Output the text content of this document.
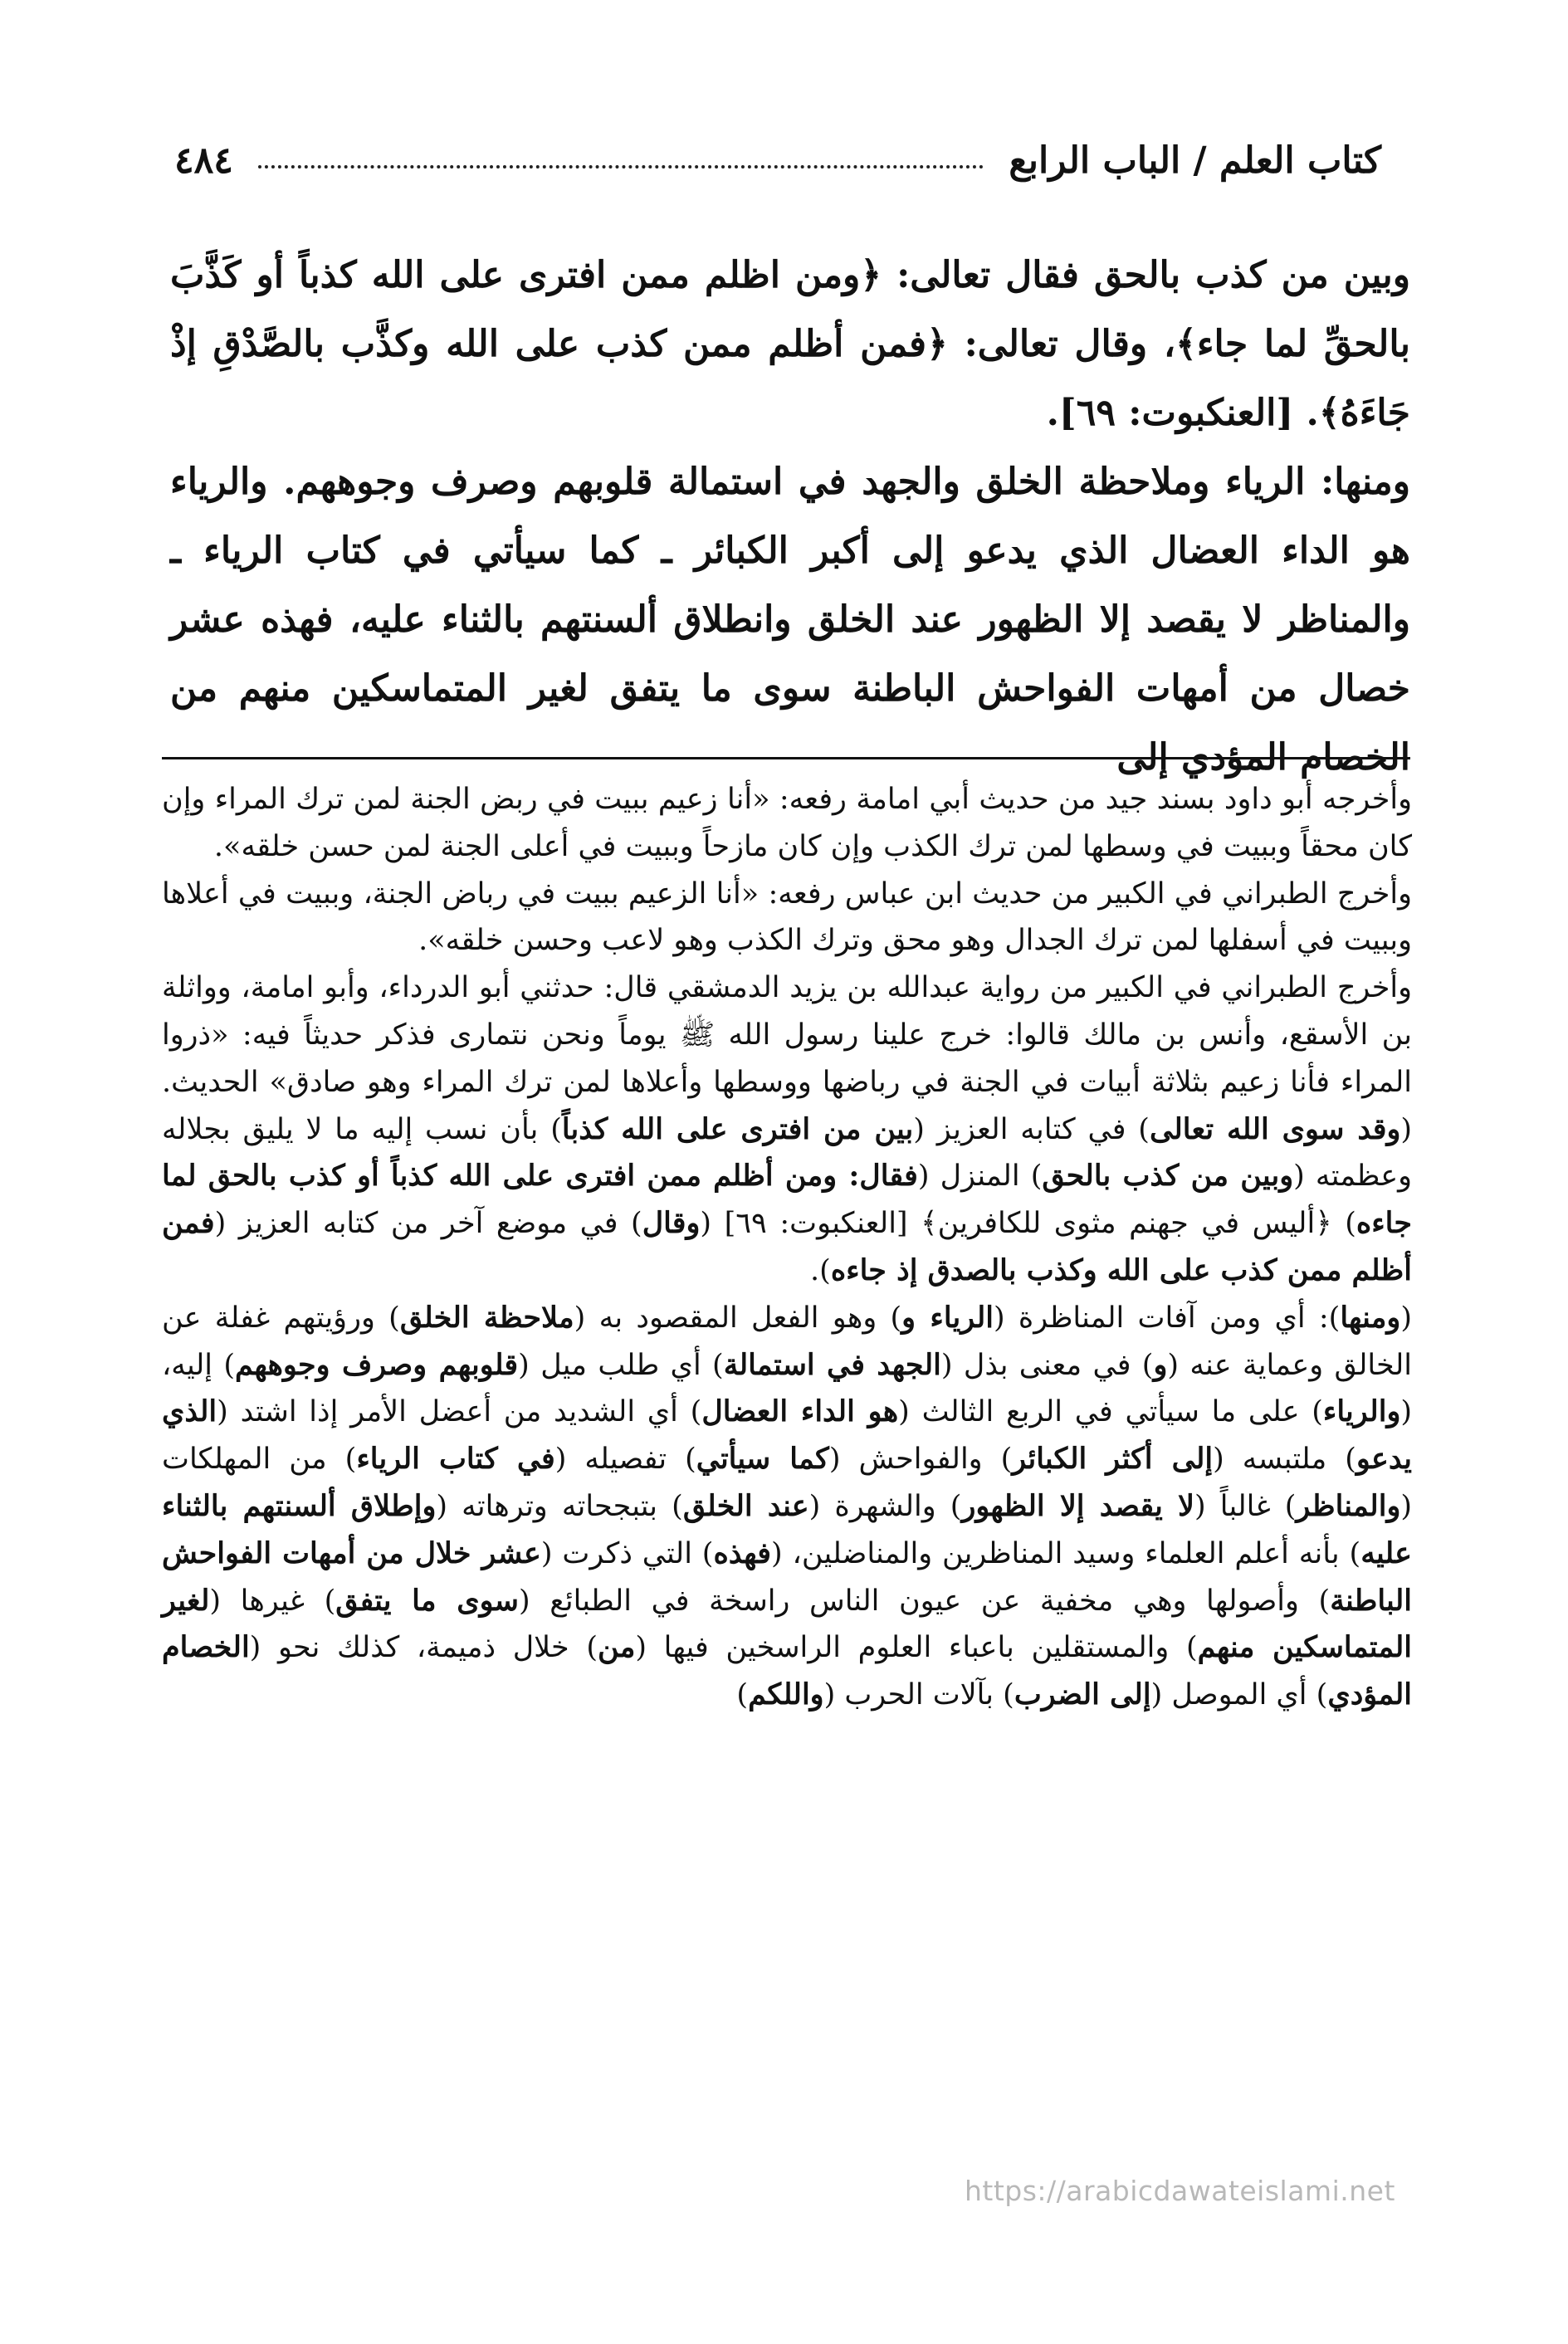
كتاب العلم / الباب الرابع
٤٨٤

وبين من كذب بالحق فقال تعالى: ﴿ومن اظلم ممن افترى على الله كذباً أو كَذَّبَ بالحقِّ لما جاء﴾، وقال تعالى: ﴿فمن أظلم ممن كذب على الله وكذَّب بالصَّدْقِ إذْ جَاءَهُ﴾. [العنكبوت: ٦٩].

ومنها: الرياء وملاحظة الخلق والجهد في استمالة قلوبهم وصرف وجوههم. والرياء هو الداء العضال الذي يدعو إلى أكبر الكبائر ـ كما سيأتي في كتاب الرياء ـ والمناظر لا يقصد إلا الظهور عند الخلق وانطلاق ألسنتهم بالثناء عليه، فهذه عشر خصال من أمهات الفواحش الباطنة سوى ما يتفق لغير المتماسكين منهم من الخصام المؤدي إلى

وأخرجه أبو داود بسند جيد من حديث أبي امامة رفعه: «أنا زعيم ببيت في ربض الجنة لمن ترك المراء وإن كان محقاً وببيت في وسطها لمن ترك الكذب وإن كان مازحاً وببيت في أعلى الجنة لمن حسن خلقه».

وأخرج الطبراني في الكبير من حديث ابن عباس رفعه: «أنا الزعيم ببيت في رباض الجنة، وببيت في أعلاها وببيت في أسفلها لمن ترك الجدال وهو محق وترك الكذب وهو لاعب وحسن خلقه».

وأخرج الطبراني في الكبير من رواية عبدالله بن يزيد الدمشقي قال: حدثني أبو الدرداء، وأبو امامة، وواثلة بن الأسقع، وأنس بن مالك قالوا: خرج علينا رسول الله ﷺ يوماً ونحن نتمارى فذكر حديثاً فيه: «ذروا المراء فأنا زعيم بثلاثة أبيات في الجنة في رباضها ووسطها وأعلاها لمن ترك المراء وهو صادق» الحديث. (وقد سوى الله تعالى) في كتابه العزيز (بين من افترى على الله كذباً) بأن نسب إليه ما لا يليق بجلاله وعظمته (وبين من كذب بالحق) المنزل (فقال: ومن أظلم ممن افترى على الله كذباً أو كذب بالحق لما جاءه) ﴿أليس في جهنم مثوى للكافرين﴾ [العنكبوت: ٦٩] (وقال) في موضع آخر من كتابه العزيز (فمن أظلم ممن كذب على الله وكذب بالصدق إذ جاءه).

(ومنها): أي ومن آفات المناظرة (الرياء و) وهو الفعل المقصود به (ملاحظة الخلق) ورؤيتهم غفلة عن الخالق وعماية عنه (و) في معنى بذل (الجهد في استمالة) أي طلب ميل (قلوبهم وصرف وجوههم) إليه، (والرياء) على ما سيأتي في الربع الثالث (هو الداء العضال) أي الشديد من أعضل الأمر إذا اشتد (الذي يدعو) ملتبسه (إلى أكثر الكبائر) والفواحش (كما سيأتي) تفصيله (في كتاب الرياء) من المهلكات (والمناظر) غالباً (لا يقصد إلا الظهور) والشهرة (عند الخلق) بتبجحاته وترهاته (وإطلاق ألسنتهم بالثناء عليه) بأنه أعلم العلماء وسيد المناظرين والمناضلين، (فهذه) التي ذكرت (عشر خلال من أمهات الفواحش الباطنة) وأصولها وهي مخفية عن عيون الناس راسخة في الطبائع (سوى ما يتفق) غيرها (لغير المتماسكين منهم) والمستقلين باعباء العلوم الراسخين فيها (من) خلال ذميمة، كذلك نحو (الخصام المؤدي) أي الموصل (إلى الضرب) بآلات الحرب (واللكم)

https://arabicdawateislami.net
